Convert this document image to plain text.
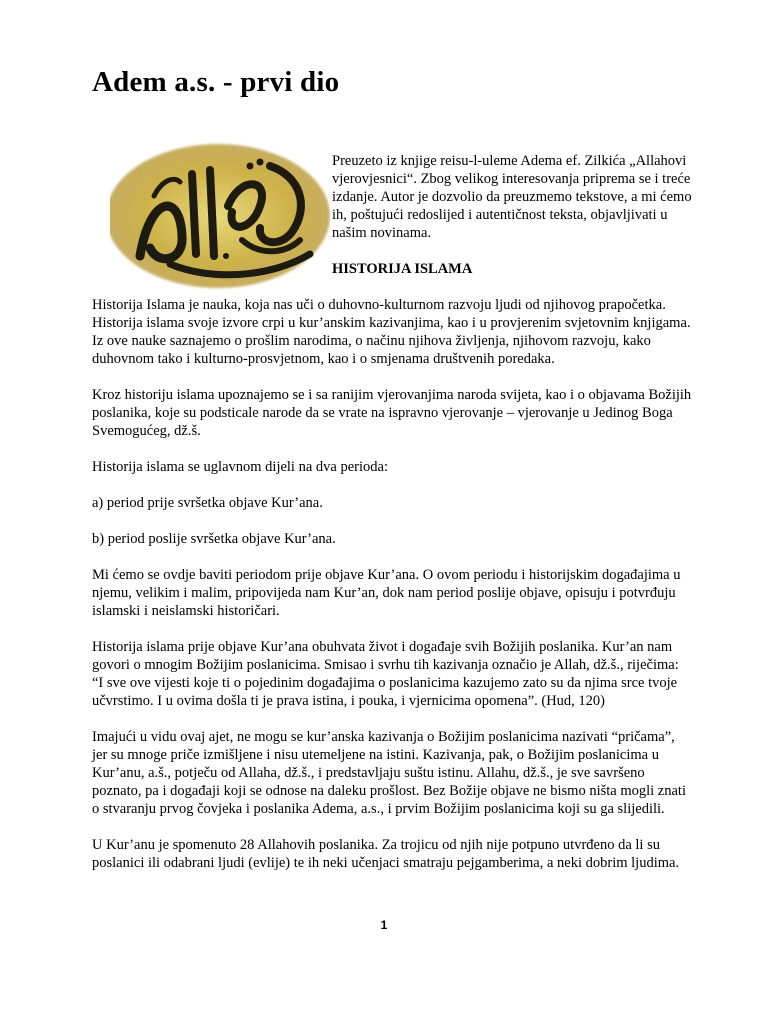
Adem a.s. - prvi dio

Preuzeto iz knjige reisu-l-uleme Adema ef. Zilkića „Allahovi vjerovjesnici“. Zbog velikog interesovanja priprema se i treće izdanje. Autor je dozvolio da preuzmemo tekstove, a mi ćemo ih, poštujući redoslijed i autentičnost teksta, objavljivati u našim novinama.

HISTORIJA ISLAMA

Historija Islama je nauka, koja nas uči o duhovno-kulturnom razvoju ljudi od njihovog prapočetka. Historija islama svoje izvore crpi u kur’anskim kazivanjima, kao i u provjerenim svjetovnim knjigama. Iz ove nauke saznajemo o prošlim narodima, o načinu njihova življenja, njihovom razvoju, kako duhovnom tako i kulturno-prosvjetnom, kao i o smjenama društvenih poredaka.

Kroz historiju islama upoznajemo se i sa ranijim vjerovanjima naroda svijeta, kao i o objavama Božijih poslanika, koje su podsticale narode da se vrate na ispravno vjerovanje – vjerovanje u Jedinog Boga Svemogućeg, dž.š.

Historija islama se uglavnom dijeli na dva perioda:

a) period prije svršetka objave Kur’ana.

b) period poslije svršetka objave Kur’ana.

Mi ćemo se ovdje baviti periodom prije objave Kur’ana. O ovom periodu i historijskim događajima u njemu, velikim i malim, pripovijeda nam Kur’an, dok nam period poslije objave, opisuju i potvrđuju islamski i neislamski historičari.

Historija islama prije objave Kur’ana obuhvata život i događaje svih Božijih poslanika. Kur’an nam govori o mnogim Božijim poslanicima. Smisao i svrhu tih kazivanja označio je Allah, dž.š., riječima: “I sve ove vijesti koje ti o pojedinim događajima o poslanicima kazujemo zato su da njima srce tvoje učvrstimo. I u ovima došla ti je prava istina, i pouka, i vjernicima opomena”. (Hud, 120)

Imajući u vidu ovaj ajet, ne mogu se kur’anska kazivanja o Božijim poslanicima nazivati “pričama”, jer su mnoge priče izmišljene i nisu utemeljene na istini. Kazivanja, pak, o Božijim poslanicima u Kur’anu, a.š., potječu od Allaha, dž.š., i predstavljaju suštu istinu. Allahu, dž.š., je sve savršeno poznato, pa i događaji koji se odnose na daleku prošlost. Bez Božije objave ne bismo ništa mogli znati o stvaranju prvog čovjeka i poslanika Adema, a.s., i prvim Božijim poslanicima koji su ga slijedili.

U Kur’anu je spomenuto 28 Allahovih poslanika. Za trojicu od njih nije potpuno utvrđeno da li su poslanici ili odabrani ljudi (evlije) te ih neki učenjaci smatraju pejgamberima, a neki dobrim ljudima.

1
